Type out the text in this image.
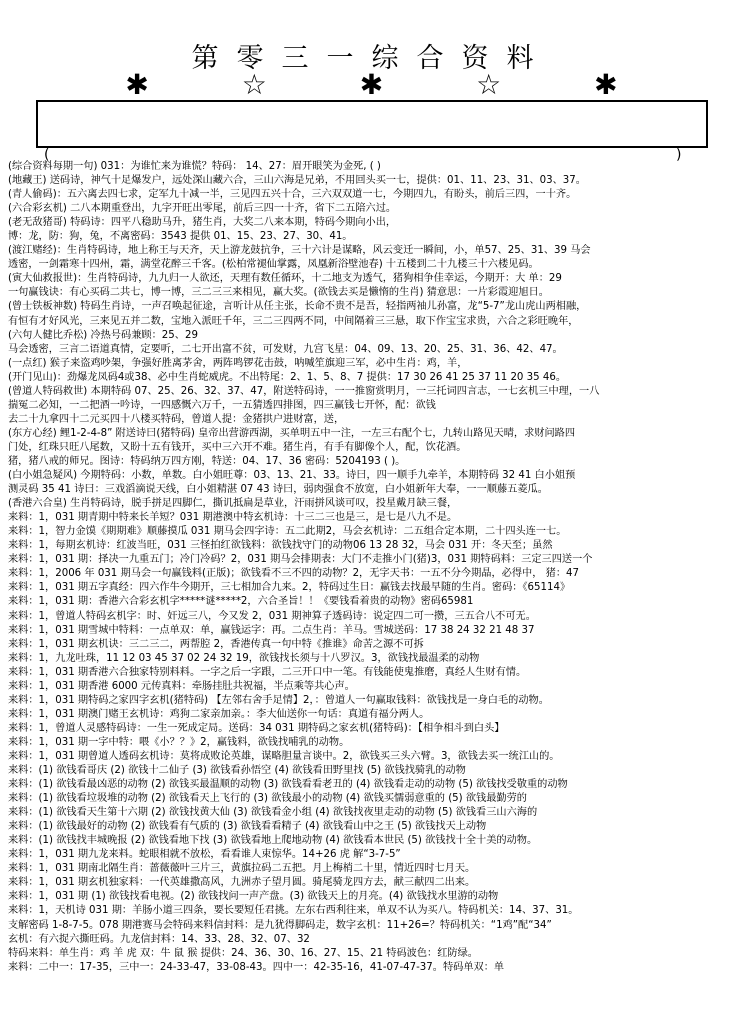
第零三一综合资料
✱	☆	✱	☆	✱
(	)
(综合资料每期一句) 031：为谁忙来为谁慌？特码： 14、27：眉开眼笑为金死, ( )
(地藏王) 送码诗，神气十足爆发户，远处深山藏六合，三山六海是兄弟，不用回头买一七，提供：01、11、23、31、03、37。
(青人偷码)：五六离去四七求，定军九十减一半，三见四五兴十合，三六双双道一七，今期四九，有盼头，前后三四，一十齐。
(六合彩玄机) 二八本期重登出，九字开旺出零尾，前后三四一十齐，省下二五陪六过。
(老无敌猪哥) 特码诗：四平八稳助马升，猪生肖，大奖二八来本期，特码今期向小出，
博：龙，防：狗，兔，不离密码：3543 提供 01、15、23、27、30、41。
(渡江赌经)：生肖特码诗，地上称王与天齐，天上游龙鼓抗争，三十六计是谋略，风云变迁一瞬间，小，单57、25、31、39 马会
透密，一剑霜寒十四州，霜，满堂花醉三千客。(松柏常褪仙掌露，凤凰新浴壁池春) 十五楼到二十九楼三十六楼见码。
(寅大仙救报世)：生肖特码诗，九九归一人欲还，天理有数任循环，十二地支为透气，猪狗相争佳幸运，今期开：大 单：29
一句赢钱诀：有心买码二共七，博一博，三二三三来相见，赢大奖。(欲钱去买是懒惰的生肖) 猜意思：一片彩霞迎旭日。
(曾士铁板神数) 特码生肖诗，一声召唤起征途，言听计从任主张，长命不贵不是吾，轻指两袖儿孙富，龙“5-7”龙山虎山两相融，
有恒有才好风光，三来见五并二数，宝地入派旺千年，三二三四两不同，中间隔着三三悬，取下作宝宝求贵，六合之彩旺晚年，
(六句人健比乔松) 冷热号码兼顾：25、29
马会透密，三言二语道真情，定要听，二七开出富不贫，可发财，九宫飞星：04、09、13、20、25、31、36、42、47。
(一点红) 猴子来盗鸡吵架，争强好胜离茅舍，两阵鸣锣花击鼓，呐喊笙旗迎三军，必中生肖：鸡，羊，
(开门见山)：劲爆龙凤码4或38、必中生肖蛇威虎。不出特尾：2、1、5、8、7 提供：17 30 26 41 25 37 11 20 35 46。
(曾道人特码救世) 本期特码 07、25、26、32、37、47，附送特码诗，一一推窗赏明月，一三托词四言志，一七玄机三中理，一八
揣冤二必知，一二把酒一吟诗，一四感慨六万千，一五猜透四排图，四三赢钱七开怀，配：欲钱
去二十九拿四十二元买四十八楼买特码，曾道人提：金猪拱户进财富，送，
(东方心经) 鲤1-2-4-8” 附送诗曰(猪特码) 皇帝出营游西湖，买单明五中一注，一左三右配个七，九转山路见天晴，求财问路四
门处，红珠只旺八尾数，又盼十五有钱开，买中三六开不难。猪生肖，有手有脚像个人，配，饮花酒。
猪，猪八戒的师兄。图诗：特码纳万四方刚，特送：04、17、36 密码：5204193 ( )。
(白小姐急疑风) 今期特码：小数，单数。白小姐旺尊：03、13、21、33。诗曰，四一顺手九牵羊，本期特码 32 41 白小姐预
测灵码 35 41 诗曰：三戏滔滴说天线，白小姐精湛 07 43 诗曰，弱肉强食不放宽，白小姐新年大奉，一一顺藤五菱瓜。
(香港六合皇) 生肖特码诗，脱手拼足四脚仁，撕讥抵扁是草业，汗雨拼风谈可叹，投星戴月缺三餐，
来料：1，031 期青期中特来长羊短？031 期港澳中特玄机诗：十三二三也是三，是七是八九不是。
来料：1，智力金馍《期期难》顺藤摸瓜 031 期马会四字诗：五二此期2，马会玄机诗：二五组合定本期，二十四头连一七。
来料：1，每期玄机诗：红波当旺，031 三怪拍红欲钱料：欲钱找守门的动物06 13 28 32，马会 031 开：冬天至；虽然
来料：1，031 期：择决一九重五门；冷门冷码？2，031 期马会排期表：大门不走推小门(猪)3，031 期特码料：三定三四送一个
来料：1，2006 年 031 期马会一句赢钱料(正版)；欲钱看不三不四的动物？2，无字天书：一五不分今期晶，必得中， 猪：47
来料：1，031 期五字真经：四六作牛今期开，三七相加合九来。2，特码过生日：赢钱去找最早随的生肖。密码：《65114》
来料：1，031 期：香港六合彩玄机字*****谜*****2，六合圣旨！！《要钱看着贵的动物》密码65981
来料：1，曾道人特码玄机字：时、奸远三八，今又发 2，031 期神算子透码诗：说定四二可一攒，三五合八不可无。
来料：1，031 期雪城中特料：一点单双：单，赢钱运字：再。二点生肖：羊马。雪城送码：17 38 24 32 21 48 37
来料：1，031 期玄机诀：三二三二，两帮腔 2，香港传真一句中特《推谁》命苦之源不可拆
来料：1，九龙吐珠，11 12 03 45 37 02 24 32 19，欲钱找长须与十八罗汉。3，欲钱找最温柔的动物
来料：1，031 期香港六合独家特别料料。一字之后一字跟，二三开口中一笔。有钱能使鬼推磨，真经人生财有情。
来料：1，031 期香港 6000 元传真料：牵肠挂肚共祝福，半点乘等共心声。
来料：1，031 期特码之家四字玄机(猪特码) 【左邻右舍手足情】2，：曾道人一句赢取钱料：欲钱找是一身白毛的动物。
来料：1，031 期澳门赌王玄机诗：鸡狗二家亲加亲。：李大仙送你一句话：真道有福分两人。
来料：1，曾道人灵感特码诗：一生一死成定局。送码：34 031 期特码之家玄机(猪特码)：【相争相斗到白头】
来料：1，031 期一字中特：喂《小？？》2，赢钱料，欲钱找哺乳的动物。
来料：1，031 期曾道人透码玄机诗：莫将成败论英雄，谋略胆量言谈中。2，欲钱买三头六臂。3，欲钱去买一统江山的。
来料：(1) 欲钱看哥庆 (2) 欲钱十二仙子 (3) 欲钱看孙悟空 (4) 欲钱看田野里找 (5) 欲钱找骑乳的动物
来料：(1) 欲钱看最凶恶的动物 (2) 欲钱买最温顺的动物 (3) 欲钱看看老丑的 (4) 欲钱看走动的动物 (5) 欲钱找受敬重的动物
来料：(1) 欲钱看垃圾堆的动物 (2) 欲钱看天上飞行的 (3) 欲钱最小的动物 (4) 欲钱买懦弱意重的 (5) 欲钱最勤劳的
来料：(1) 欲钱看天生第十六期 (2) 欲钱找黄大仙 (3) 欲钱看金小组 (4) 欲钱找夜里走动的动物 (5) 欲钱看三山六海的
来料：(1) 欲钱最好的动物 (2) 欲钱看有气质的 (3) 欲钱看看精子 (4) 欲钱看山中之王 (5) 欲钱找天上动物
来料：(1) 欲钱找丰城晚报 (2) 欲钱看地下找 (3) 欲钱看地上爬地动物 (4) 欲钱看本世民 (5) 欲钱找十全十美的动物。
来料：1，031 期九龙来料。蛇眼相就不放松，看看谁人束惊华。14+26 虎 解“3-7-5”
来料：1，031 期南北隔生肖：蔷薇薇叶三片三，黄旗拉码二五把。月上梅梢二十里，情近四时七月天。
来料：1，031 期玄机独家料：一代英雄撒高风，九洲赤子望月圆。骑尾骑龙四方去，献三献四二出来。
来料：1，031 期 (1) 欲钱找看电视。(2) 欲钱找问一声产盘。(3) 欲钱天上的月亮。(4) 欲钱找水里游的动物
来料：1，天机诗 031 期：羊肠小道三四条，要长要短任君挑。左东右西利往来，单双不认为买八。特码机关：14、37、31。
支解密码 1-8-7-5。078 期港赛马会特码来料信封料：是九犹得脚码走，数字玄机：11+26=？特码机关：“1鸡”配“34”
玄机：有六捉六撕旺码。九龙信封料：14、33、28、32、07、32
特码来料：单生肖：鸡 羊 虎 双：牛 鼠 猴 提供：24、36、30、16、27、15、21 特码波色：红防绿。
来料：二中一：17-35，三中一：24-33-47，33-08-43。四中一：42-35-16，41-07-47-37。特码单双：单
